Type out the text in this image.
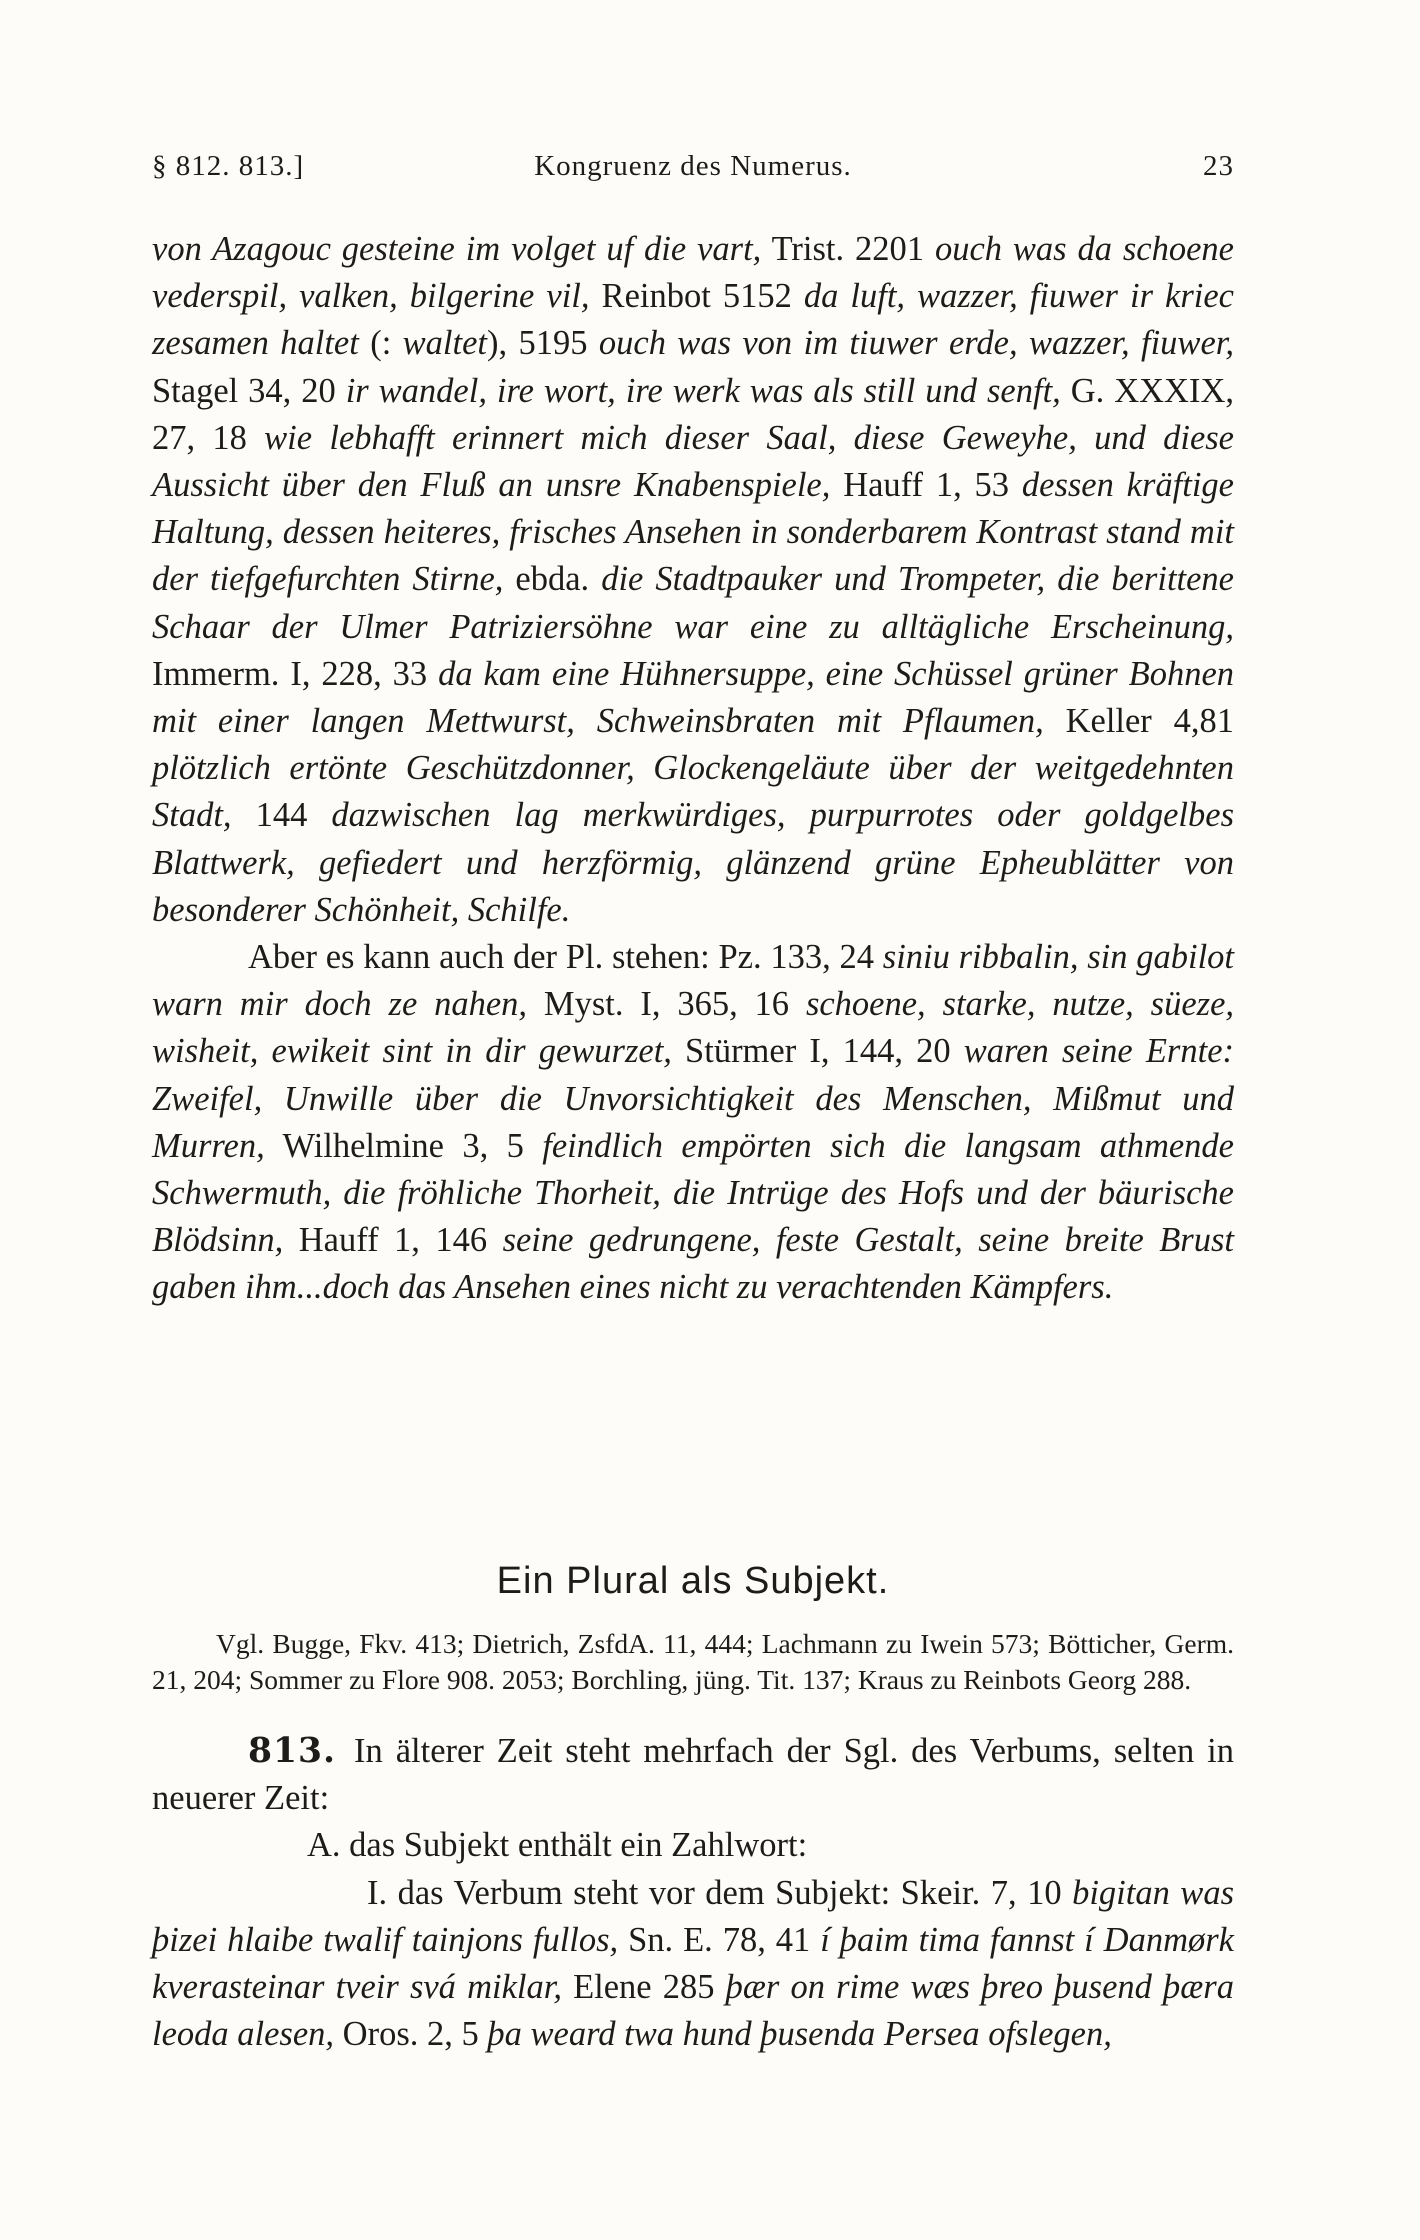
§ 812. 813.]	Kongruenz des Numerus.	23

von Azagouc gesteine im volget uf die vart, Trist. 2201 ouch was da schoene vederspil, valken, bilgerine vil, Reinbot 5152 da luft, wazzer, fiuwer ir kriec zesamen haltet (: waltet), 5195 ouch was von im tiuwer erde, wazzer, fiuwer, Stagel 34, 20 ir wandel, ire wort, ire werk was als still und senft, G. XXXIX, 27, 18 wie lebhafft erinnert mich dieser Saal, diese Geweyhe, und diese Aussicht über den Fluß an unsre Knabenspiele, Hauff 1, 53 dessen kräftige Haltung, dessen heiteres, frisches Ansehen in sonderbarem Kontrast stand mit der tiefgefurchten Stirne, ebda. die Stadtpauker und Trompeter, die berittene Schaar der Ulmer Patriziersöhne war eine zu alltägliche Erscheinung, Immerm. I, 228, 33 da kam eine Hühnersuppe, eine Schüssel grüner Bohnen mit einer langen Mettwurst, Schweinsbraten mit Pflaumen, Keller 4,81 plötzlich ertönte Geschützdonner, Glockengeläute über der weitgedehnten Stadt, 144 dazwischen lag merkwürdiges, purpurrotes oder goldgelbes Blattwerk, gefiedert und herzförmig, glänzend grüne Epheublätter von besonderer Schönheit, Schilfe.

Aber es kann auch der Pl. stehen: Pz. 133, 24 siniu ribbalin, sin gabilot warn mir doch ze nahen, Myst. I, 365, 16 schoene, starke, nutze, süeze, wisheit, ewikeit sint in dir gewurzet, Stürmer I, 144, 20 waren seine Ernte: Zweifel, Unwille über die Unvorsichtigkeit des Menschen, Mißmut und Murren, Wilhelmine 3, 5 feindlich empörten sich die langsam athmende Schwermuth, die fröhliche Thorheit, die Intrüge des Hofs und der bäurische Blödsinn, Hauff 1, 146 seine gedrungene, feste Gestalt, seine breite Brust gaben ihm...doch das Ansehen eines nicht zu verachtenden Kämpfers.

Ein Plural als Subjekt.

Vgl. Bugge, Fkv. 413; Dietrich, ZsfdA. 11, 444; Lachmann zu Iwein 573; Bötticher, Germ. 21, 204; Sommer zu Flore 908. 2053; Borchling, jüng. Tit. 137; Kraus zu Reinbots Georg 288.

813. In älterer Zeit steht mehrfach der Sgl. des Verbums, selten in neuerer Zeit:

A. das Subjekt enthält ein Zahlwort:

I. das Verbum steht vor dem Subjekt: Skeir. 7, 10 bigitan was þizei hlaibe twalif tainjons fullos, Sn. E. 78, 41 í þaim tima fannst í Danmørk kverasteinar tveir svá miklar, Elene 285 þær on rime wæs þreo þusend þæra leoda alesen, Oros. 2, 5 þa weard twa hund þusenda Persea ofslegen,
